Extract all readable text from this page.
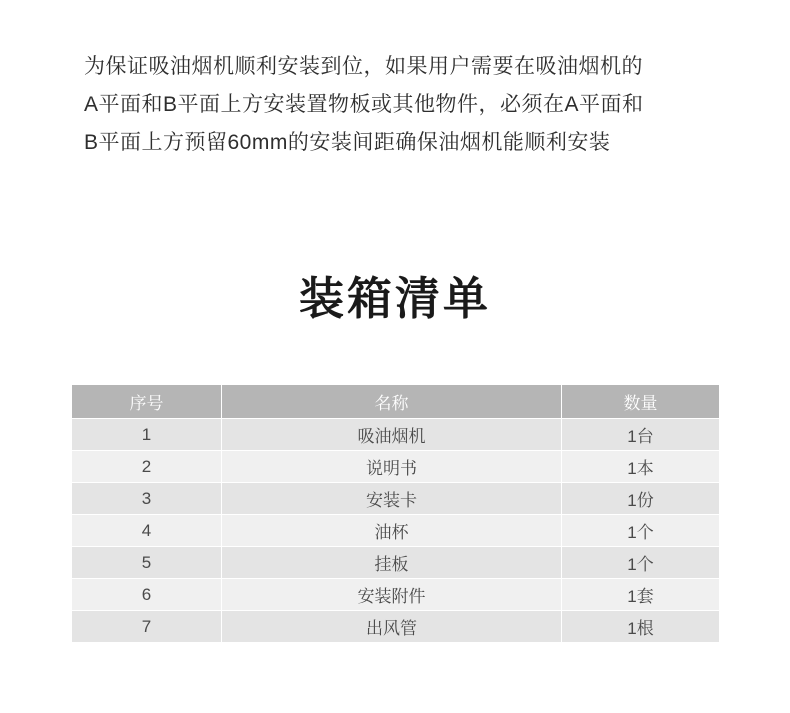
为保证吸油烟机顺利安装到位，如果用户需要在吸油烟机的

A平面和B平面上方安装置物板或其他物件，必须在A平面和

B平面上方预留60mm的安装间距确保油烟机能顺利安装

装箱清单
序号	名称	数量
1	吸油烟机	1台
2	说明书	1本
3	安装卡	1份
4	油杯	1个
5	挂板	1个
6	安装附件	1套
7	出风管	1根
